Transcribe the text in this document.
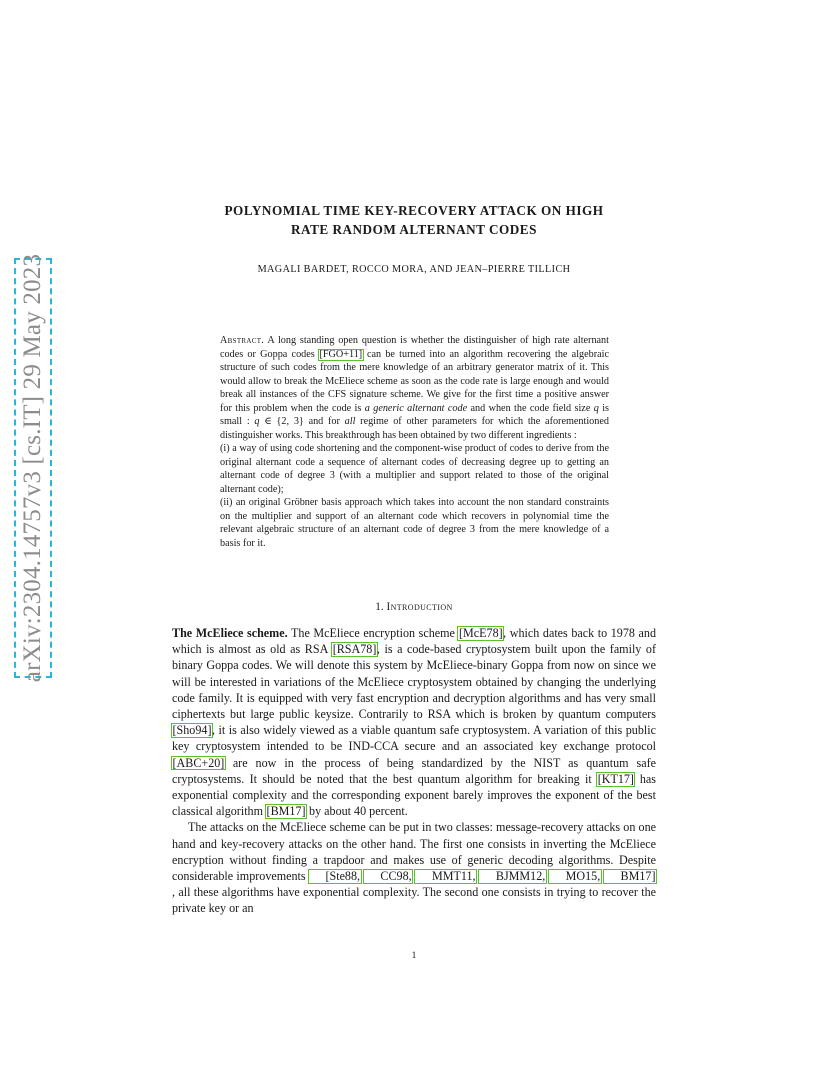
arXiv:2304.14757v3 [cs.IT] 29 May 2023
POLYNOMIAL TIME KEY-RECOVERY ATTACK ON HIGH
RATE RANDOM ALTERNANT CODES
MAGALI BARDET, ROCCO MORA, AND JEAN–PIERRE TILLICH

Abstract. A long standing open question is whether the distinguisher of high rate alternant codes or Goppa codes [FGO+11] can be turned into an algorithm recovering the algebraic structure of such codes from the mere knowledge of an arbitrary generator matrix of it. This would allow to break the McEliece scheme as soon as the code rate is large enough and would break all instances of the CFS signature scheme. We give for the first time a positive answer for this problem when the code is a generic alternant code and when the code field size q is small : q ∈ {2, 3} and for all regime of other parameters for which the aforementioned distinguisher works. This breakthrough has been obtained by two different ingredients :

(i) a way of using code shortening and the component-wise product of codes to derive from the original alternant code a sequence of alternant codes of decreasing degree up to getting an alternant code of degree 3 (with a multiplier and support related to those of the original alternant code);

(ii) an original Gröbner basis approach which takes into account the non standard constraints on the multiplier and support of an alternant code which recovers in polynomial time the relevant algebraic structure of an alternant code of degree 3 from the mere knowledge of a basis for it.

1. Introduction

The McEliece scheme. The McEliece encryption scheme [McE78], which dates back to 1978 and which is almost as old as RSA [RSA78], is a code-based cryptosystem built upon the family of binary Goppa codes. We will denote this system by McEliece-binary Goppa from now on since we will be interested in variations of the McEliece cryptosystem obtained by changing the underlying code family. It is equipped with very fast encryption and decryption algorithms and has very small ciphertexts but large public keysize. Contrarily to RSA which is broken by quantum computers [Sho94], it is also widely viewed as a viable quantum safe cryptosystem. A variation of this public key cryptosystem intended to be IND-CCA secure and an associated key exchange protocol [ABC+20] are now in the process of being standardized by the NIST as quantum safe cryptosystems. It should be noted that the best quantum algorithm for breaking it [KT17] has exponential complexity and the corresponding exponent barely improves the exponent of the best classical algorithm [BM17] by about 40 percent.

The attacks on the McEliece scheme can be put in two classes: message-recovery attacks on one hand and key-recovery attacks on the other hand. The first one consists in inverting the McEliece encryption without finding a trapdoor and makes use of generic decoding algorithms. Despite considerable improvements [Ste88, CC98, MMT11, BJMM12, MO15, BM17], all these algorithms have exponential complexity. The second one consists in trying to recover the private key or an

1
